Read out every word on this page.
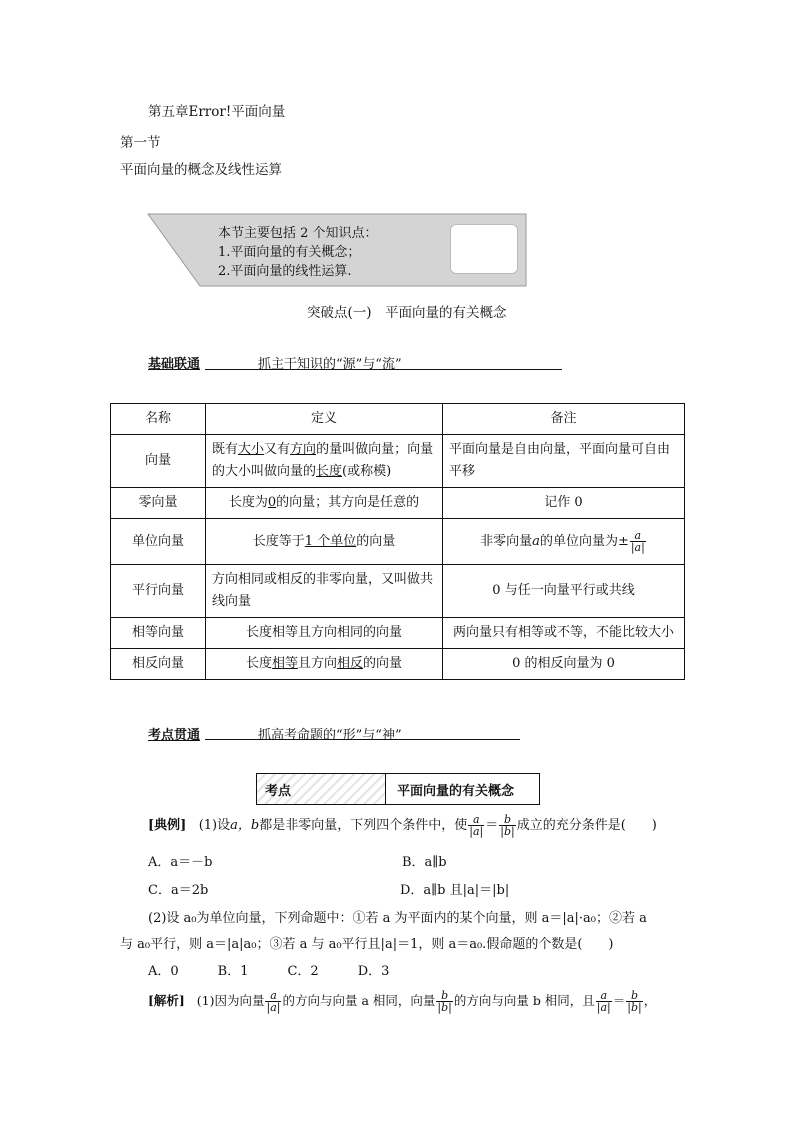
第五章Error!平面向量
第一节
平面向量的概念及线性运算
本节主要包括 2 个知识点：
1.平面向量的有关概念；
2.平面向量的线性运算.
突破点(一)　平面向量的有关概念
基础联通	抓主干知识的“源”与“流”
名称	定义	备注
向量	既有大小又有方向的量叫做向量；向量的大小叫做向量的长度(或称模)	平面向量是自由向量，平面向量可自由平移
零向量	长度为0的向量；其方向是任意的	记作 0
单位向量	长度等于1 个单位的向量	非零向量a的单位向量为± $\frac{a}{|a|}$

平行向量	方向相同或相反的非零向量，又叫做共线向量	0 与任一向量平行或共线
相等向量	长度相等且方向相同的向量	两向量只有相等或不等，不能比较大小
相反向量	长度相等且方向相反的向量	0 的相反向量为 0
考点贯通	抓高考命题的“形”与“神”
考点	平面向量的有关概念
[典例] (1)设a，b都是非零向量，下列四个条件中，使 $\frac{a}{|a|} = \frac{b}{|b|}$ 成立的充分条件是(　　)
A．a＝－b	B．a∥b
C．a＝2b	D．a∥b 且|a|＝|b|
(2)设 a₀为单位向量，下列命题中：①若 a 为平面内的某个向量，则 a＝|a|·a₀；②若 a
与 a₀平行，则 a＝|a|a₀；③若 a 与 a₀平行且|a|＝1，则 a＝a₀.假命题的个数是(　　)
A．0　　　B．1　　　C．2　　　D．3
[解析] (1)因为向量 $\frac{a}{|a|}$ 的方向与向量 a 相同，向量 $\frac{b}{|b|}$ 的方向与向量 b 相同，且 $\frac{a}{|a|} = \frac{b}{|b|}$ ，
